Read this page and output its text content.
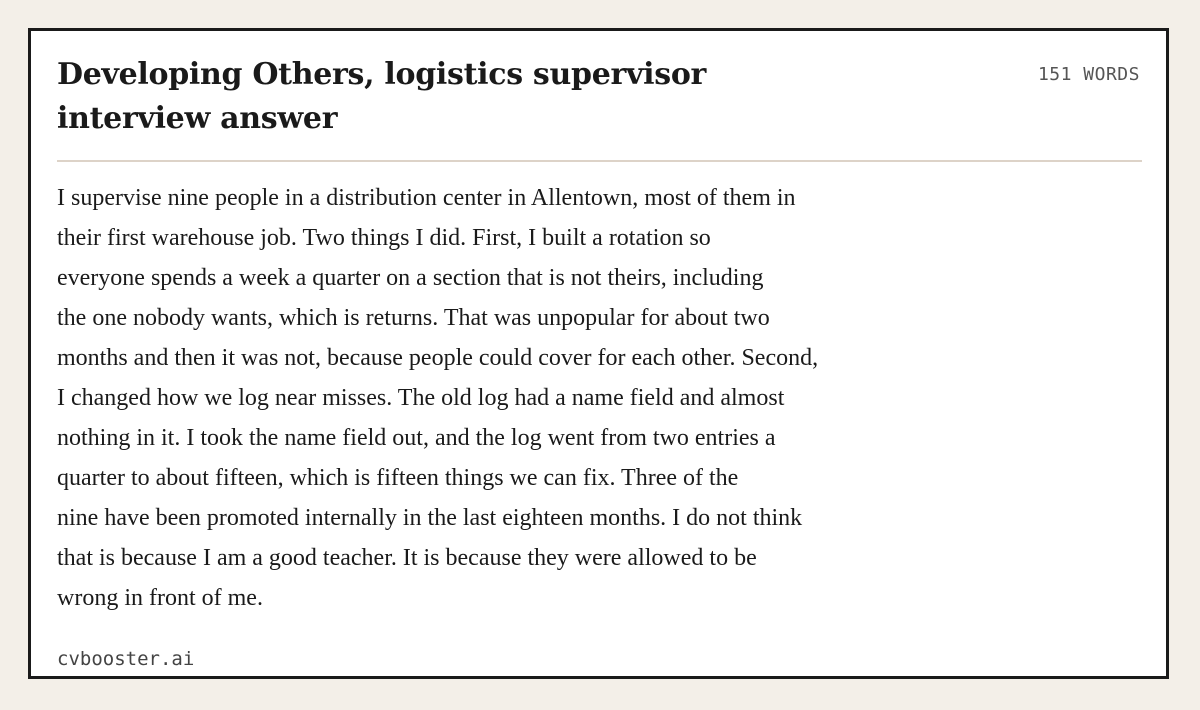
Developing Others, logistics supervisor interview answer
151 WORDS
I supervise nine people in a distribution center in Allentown, most of them in
their first warehouse job. Two things I did. First, I built a rotation so
everyone spends a week a quarter on a section that is not theirs, including
the one nobody wants, which is returns. That was unpopular for about two
months and then it was not, because people could cover for each other. Second,
I changed how we log near misses. The old log had a name field and almost
nothing in it. I took the name field out, and the log went from two entries a
quarter to about fifteen, which is fifteen things we can fix. Three of the
nine have been promoted internally in the last eighteen months. I do not think
that is because I am a good teacher. It is because they were allowed to be
wrong in front of me.
cvbooster.ai
